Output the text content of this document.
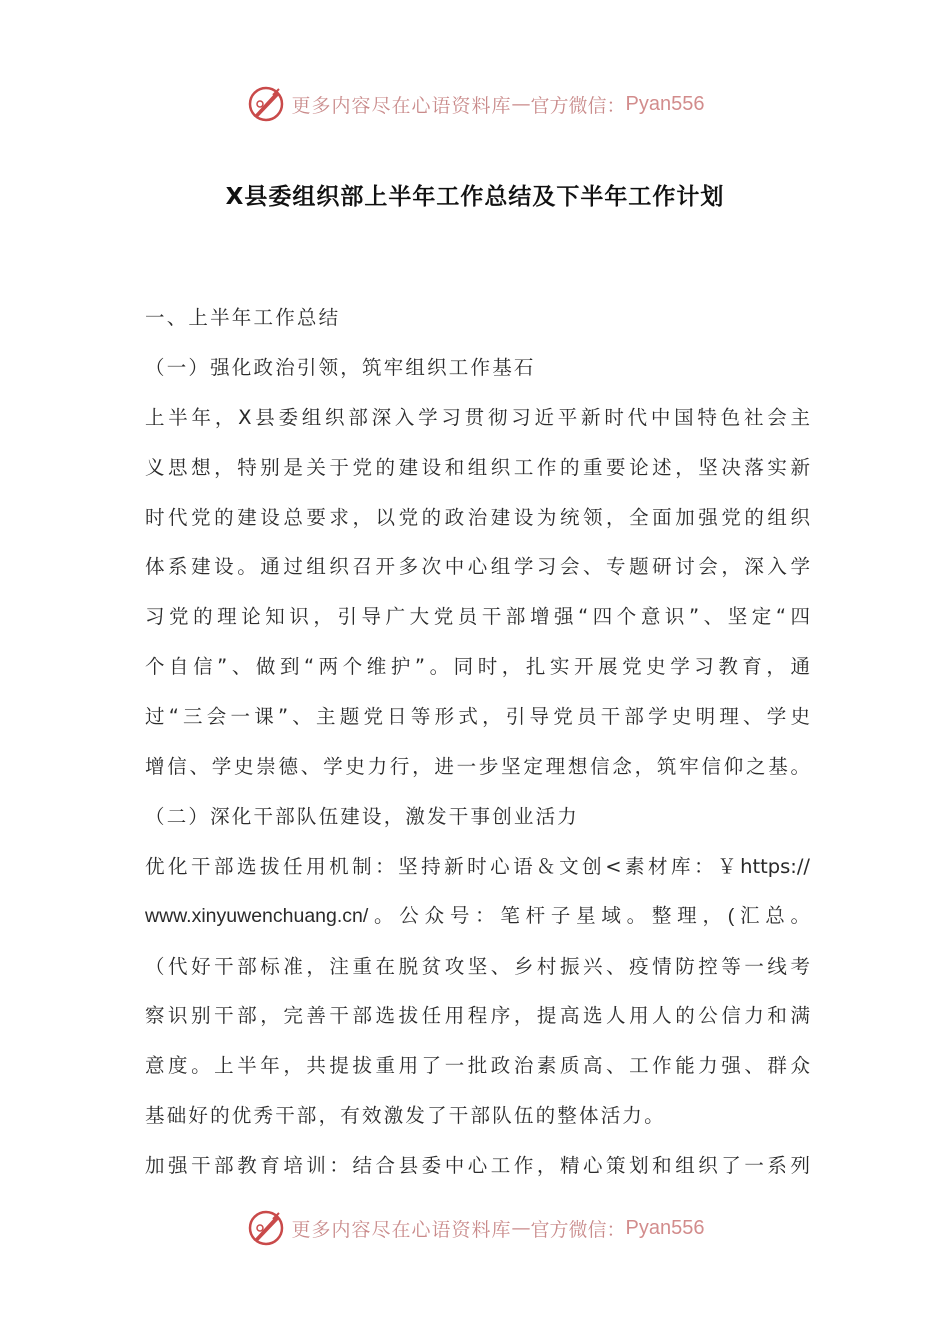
更多内容尽在心语资料库 — 官方微信： Pyan556
X县委组织部上半年工作总结及下半年工作计划
一、上半年工作总结
（一）强化政治引领，筑牢组织工作基石
上半年，X县委组织部深入学习贯彻习近平新时代中国特色社会主
义思想，特别是关于党的建设和组织工作的重要论述，坚决落实新
时代党的建设总要求，以党的政治建设为统领，全面加强党的组织
体系建设。通过组织召开多次中心组学习会、专题研讨会，深入学
习党的理论知识，引导广大党员干部增强“四个意识”、坚定“四
个自信”、做到“两个维护”。同时，扎实开展党史学习教育，通
过“三会一课”、主题党日等形式，引导党员干部学史明理、学史
增信、学史崇德、学史力行，进一步坚定理想信念，筑牢信仰之基。
（二）深化干部队伍建设，激发干事创业活力
优化干部选拔任用机制：坚持新时心语＆文创<素材库：￥https://
www.xinyuwenchuang.cn/。公众号：笔杆子星域。整理，(汇总。
（代好干部标准，注重在脱贫攻坚、乡村振兴、疫情防控等一线考
察识别干部，完善干部选拔任用程序，提高选人用人的公信力和满
意度。上半年，共提拔重用了一批政治素质高、工作能力强、群众
基础好的优秀干部，有效激发了干部队伍的整体活力。
加强干部教育培训：结合县委中心工作，精心策划和组织了一系列
更多内容尽在心语资料库 — 官方微信： Pyan556
